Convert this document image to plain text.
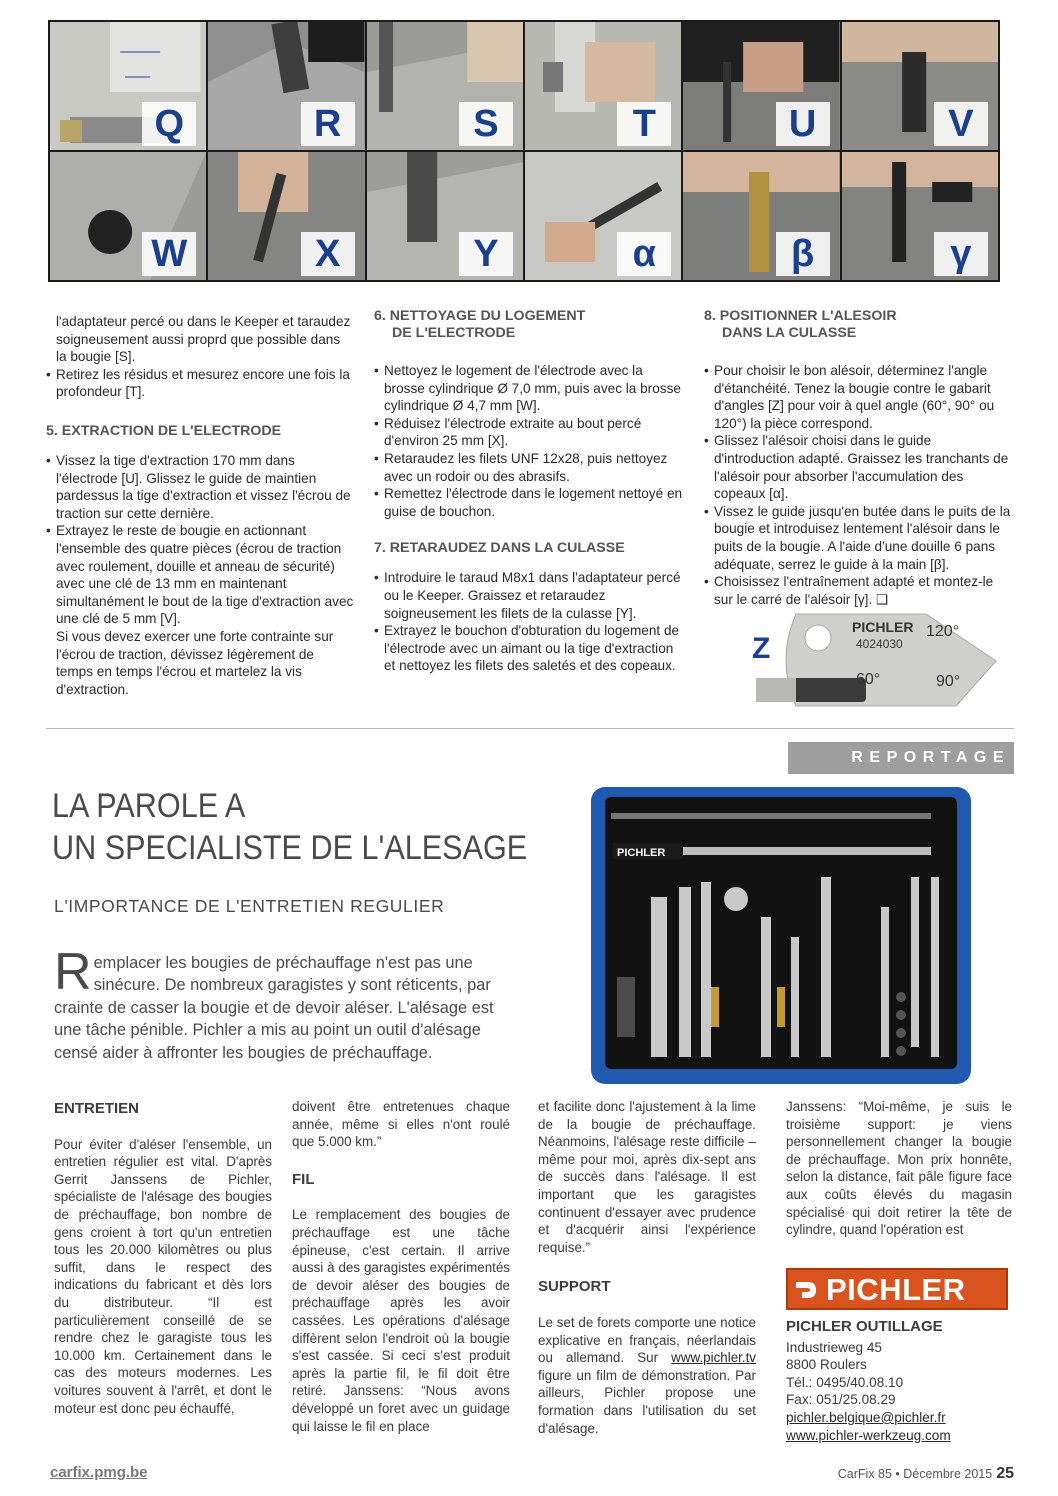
Q	R	S	T	U	V
W	X	Y	α	β	γ
l'adaptateur percé ou dans le Keeper et taraudez soigneusement aussi proprd que possible dans la bougie [S].
• Retirez les résidus et mesurez encore une fois la profondeur [T].
5. EXTRACTION DE L'ELECTRODE
• Vissez la tige d'extraction 170 mm dans l'électrode [U]. Glissez le guide de maintien pardessus la tige d'extraction et vissez l'écrou de traction sur cette dernière.
• Extrayez le reste de bougie en actionnant l'ensemble des quatre pièces (écrou de traction avec roulement, douille et anneau de sécurité) avec une clé de 13 mm en maintenant simultanément le bout de la tige d'extraction avec une clé de 5 mm [V].
Si vous devez exercer une forte contrainte sur l'écrou de traction, dévissez légèrement de temps en temps l'écrou et martelez la vis d'extraction.
6. NETTOYAGE DU LOGEMENT
DE L'ELECTRODE
• Nettoyez le logement de l'électrode avec la brosse cylindrique Ø 7,0 mm, puis avec la brosse cylindrique Ø 4,7 mm [W].
• Réduisez l'électrode extraite au bout percé d'environ 25 mm [X].
• Retaraudez les filets UNF 12x28, puis nettoyez avec un rodoir ou des abrasifs.
• Remettez l'électrode dans le logement nettoyé en guise de bouchon.
7. RETARAUDEZ DANS LA CULASSE
• Introduire le taraud M8x1 dans l'adaptateur percé ou le Keeper. Graissez et retaraudez soigneusement les filets de la culasse [Y].
• Extrayez le bouchon d'obturation du logement de l'électrode avec un aimant ou la tige d'extraction et nettoyez les filets des saletés et des copeaux.
8. POSITIONNER L'ALESOIR
DANS LA CULASSE
• Pour choisir le bon alésoir, déterminez l'angle d'étanchéité. Tenez la bougie contre le gabarit d'angles [Z] pour voir à quel angle (60°, 90° ou 120°) la pièce correspond.
• Glissez l'alésoir choisi dans le guide d'introduction adapté. Graissez les tranchants de l'alésoir pour absorber l'accumulation des copeaux [α].
• Vissez le guide jusqu'en butée dans le puits de la bougie et introduisez lentement l'alésoir dans le puits de la bougie. A l'aide d'une douille 6 pans adéquate, serrez le guide à la main [β].
• Choisissez l'entraînement adapté et montez-le sur le carré de l'alésoir [γ]. ❑
Z
PICHLER
4024030
120°
60°	90°
REPORTAGE
LA PAROLE A
UN SPECIALISTE DE L'ALESAGE
L'IMPORTANCE DE L'ENTRETIEN REGULIER
Remplacer les bougies de préchauffage n'est pas une sinécure. De nombreux garagistes y sont réticents, par crainte de casser la bougie et de devoir aléser. L'alésage est une tâche pénible. Pichler a mis au point un outil d'alésage censé aider à affronter les bougies de préchauffage.
PICHLER
ENTRETIEN

Pour éviter d'aléser l'ensemble, un entretien régulier est vital. D'après Gerrit Janssens de Pichler, spécialiste de l'alésage des bougies de préchauffage, bon nombre de gens croient à tort qu'un entretien tous les 20.000 kilomètres ou plus suffit, dans le respect des indications du fabricant et dès lors du distributeur. “Il est particulièrement conseillé de se rendre chez le garagiste tous les 10.000 km. Certainement dans le cas des moteurs modernes. Les voitures souvent à l'arrêt, et dont le moteur est donc peu échauffé,

doivent être entretenues chaque année, même si elles n'ont roulé que 5.000 km.”

FIL

Le remplacement des bougies de préchauffage est une tâche épineuse, c'est certain. Il arrive aussi à des garagistes expérimentés de devoir aléser des bougies de préchauffage après les avoir cassées. Les opérations d'alésage diffèrent selon l'endroit où la bougie s'est cassée. Si ceci s'est produit après la partie fil, le fil doit être retiré. Janssens: “Nous avons développé un foret avec un guidage qui laisse le fil en place

et facilite donc l'ajustement à la lime de la bougie de préchauffage. Néanmoins, l'alésage reste difficile – même pour moi, après dix-sept ans de succès dans l'alésage. Il est important que les garagistes continuent d'essayer avec prudence et d'acquérir ainsi l'expérience requise.”

SUPPORT

Le set de forets comporte une notice explicative en français, néerlandais ou allemand. Sur www.pichler.tv figure un film de démonstration. Par ailleurs, Pichler propose une formation dans l'utilisation du set d'alésage.

Janssens: “Moi-même, je suis le troisième support: je viens personnellement changer la bougie de préchauffage. Mon prix honnête, selon la distance, fait pâle figure face aux coûts élevés du magasin spécialisé qui doit retirer la tête de cylindre, quand l'opération est

PICHLER
PICHLER OUTILLAGE
Industrieweg 45
8800 Roulers
Tél.: 0495/40.08.10
Fax: 051/25.08.29
pichler.belgique@pichler.fr
www.pichler-werkzeug.com
carfix.pmg.be	CarFix 85 • Décembre 2015 25
